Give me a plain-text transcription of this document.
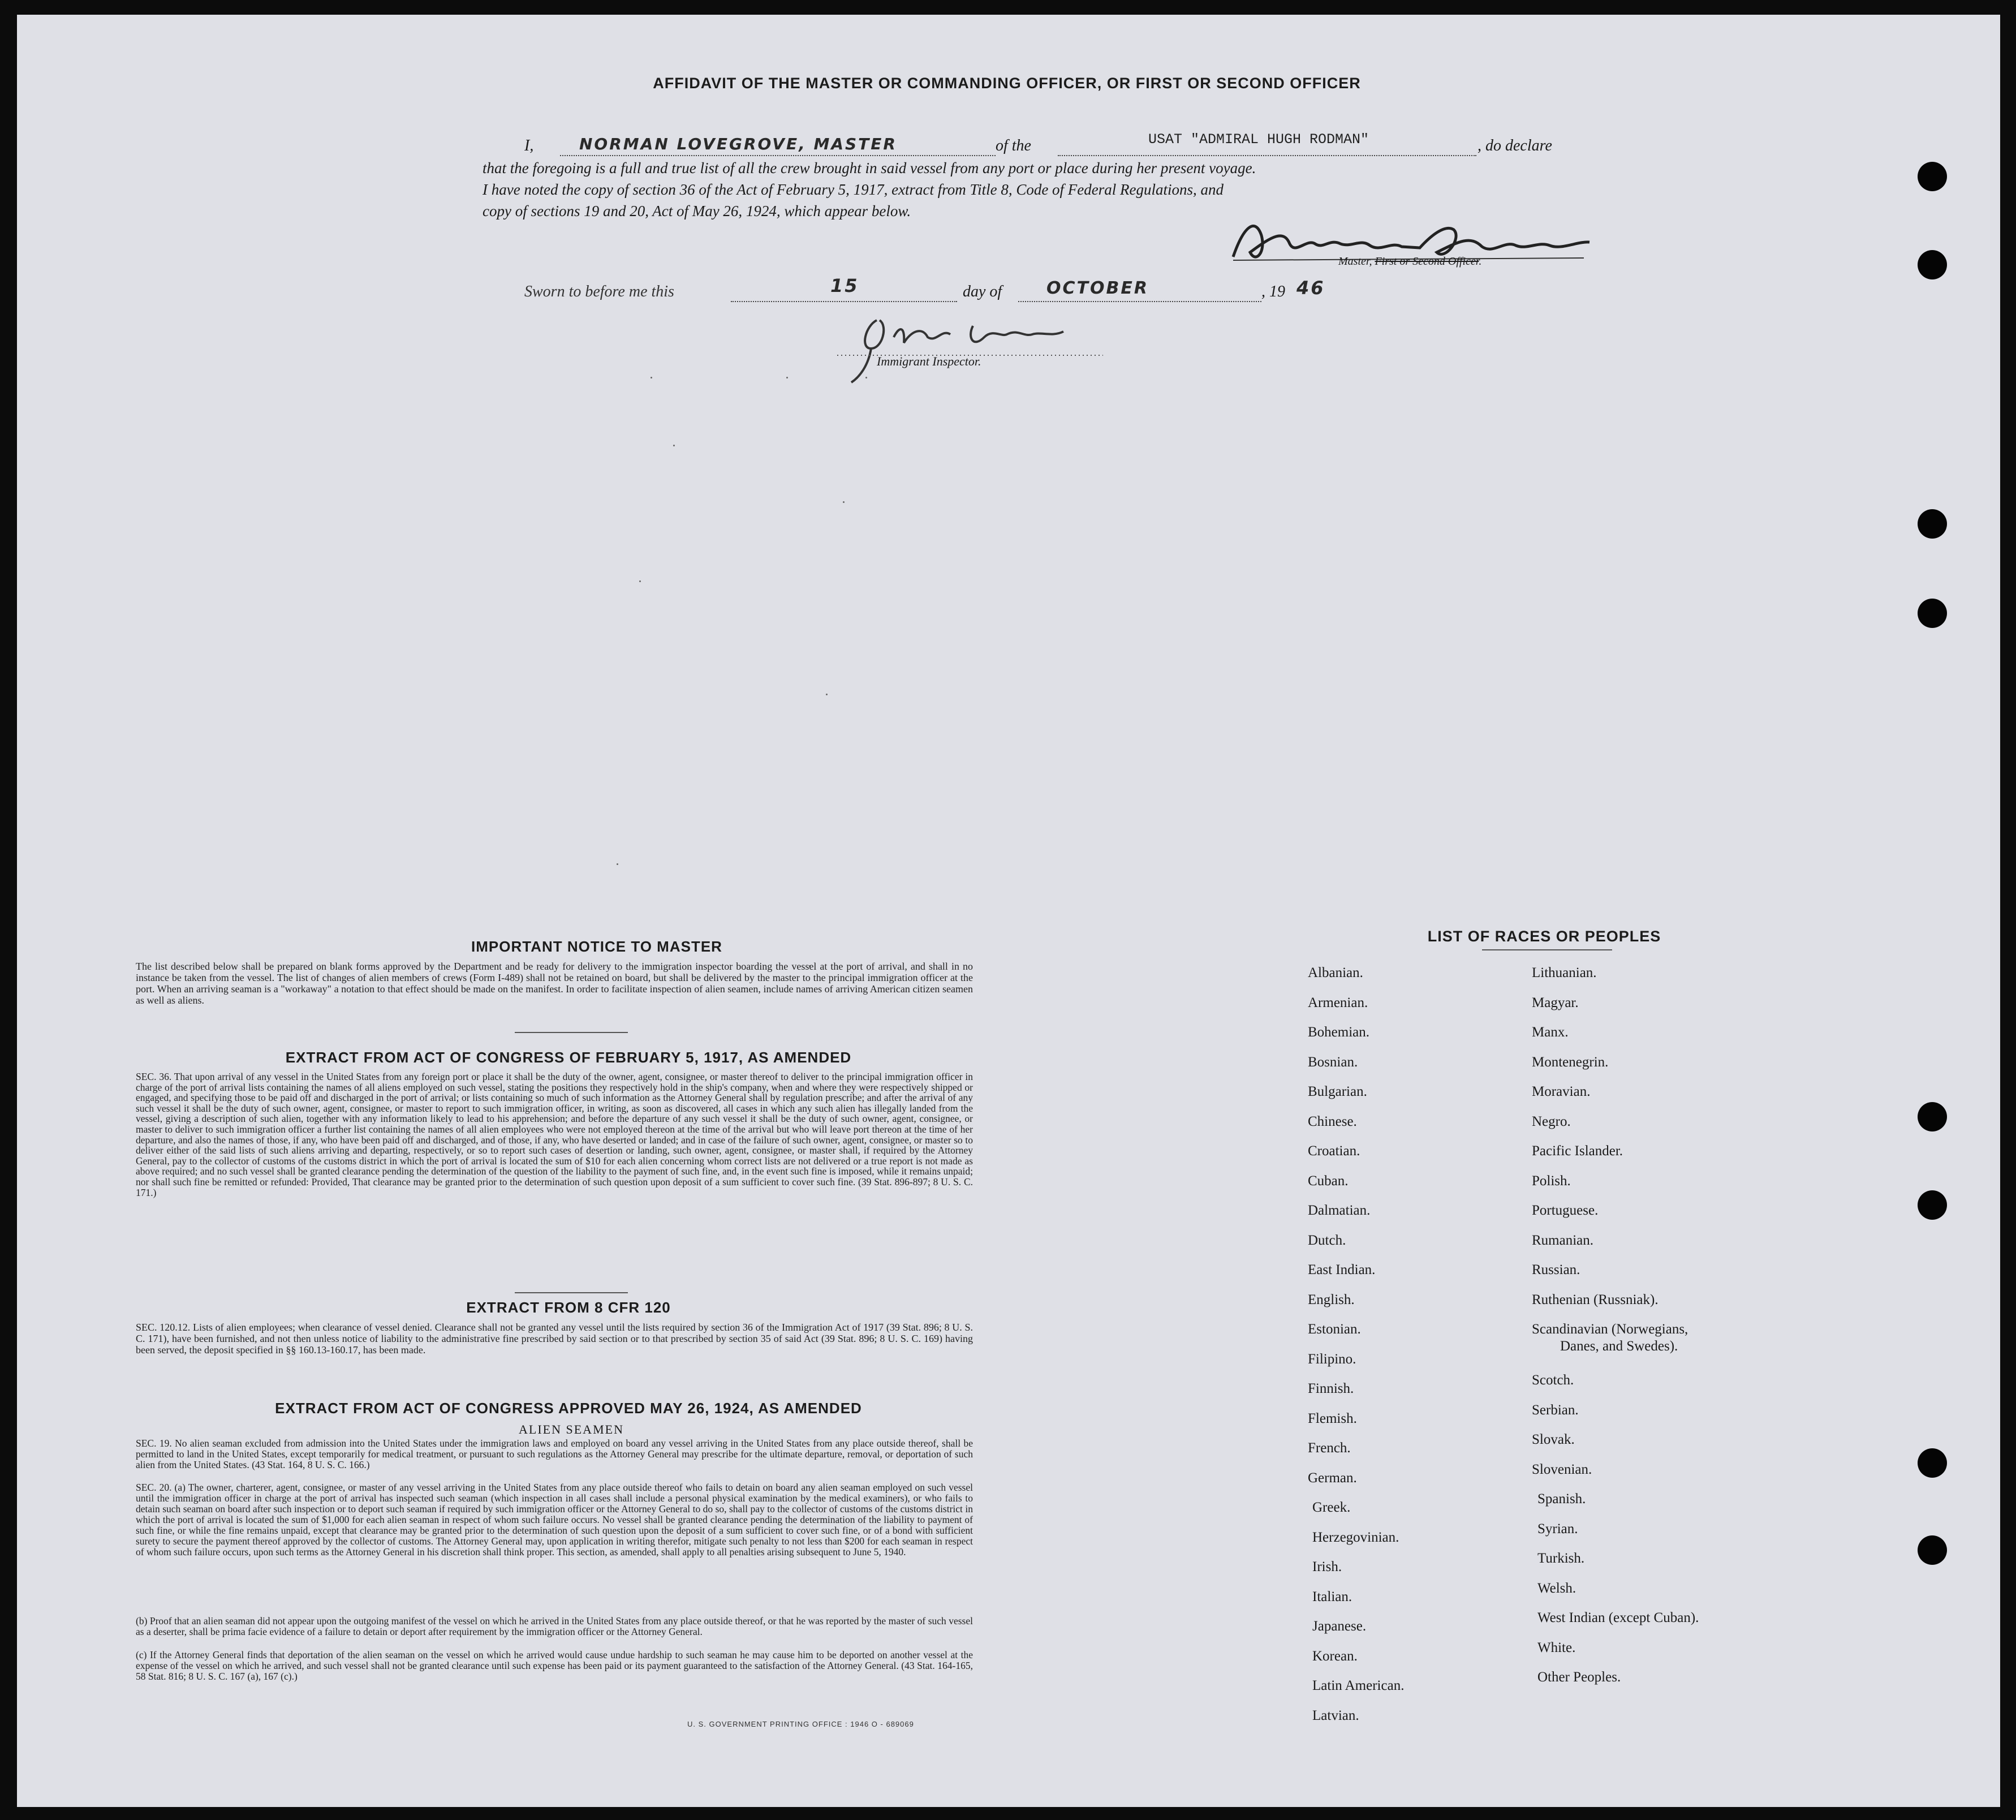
AFFIDAVIT OF THE MASTER OR COMMANDING OFFICER, OR FIRST OR SECOND OFFICER
I,	NORMAN LOVEGROVE, MASTER	of the	USAT "ADMIRAL HUGH RODMAN"	, do declare
that the foregoing is a full and true list of all the crew brought in said vessel from any port or place during her present voyage.
I have noted the copy of section 36 of the Act of February 5, 1917, extract from Title 8, Code of Federal Regulations, and
copy of sections 19 and 20, Act of May 26, 1924, which appear below.
Master, First or Second Officer.
Sworn to before me this	15	day of	OCTOBER	, 19 46
Immigrant Inspector.
IMPORTANT NOTICE TO MASTER
The list described below shall be prepared on blank forms approved by the Department and be ready for delivery to the immigration inspector boarding the vessel at the port of arrival, and shall in no instance be taken from the vessel. The list of changes of alien members of crews (Form I-489) shall not be retained on board, but shall be delivered by the master to the principal immigration officer at the port. When an arriving seaman is a "workaway" a notation to that effect should be made on the manifest. In order to facilitate inspection of alien seamen, include names of arriving American citizen seamen as well as aliens.
EXTRACT FROM ACT OF CONGRESS OF FEBRUARY 5, 1917, AS AMENDED
SEC. 36. That upon arrival of any vessel in the United States from any foreign port or place it shall be the duty of the owner, agent, consignee, or master thereof to deliver to the principal immigration officer in charge of the port of arrival lists containing the names of all aliens employed on such vessel, stating the positions they respectively hold in the ship's company, when and where they were respectively shipped or engaged, and specifying those to be paid off and discharged in the port of arrival; or lists containing so much of such information as the Attorney General shall by regulation prescribe; and after the arrival of any such vessel it shall be the duty of such owner, agent, consignee, or master to report to such immigration officer, in writing, as soon as discovered, all cases in which any such alien has illegally landed from the vessel, giving a description of such alien, together with any information likely to lead to his apprehension; and before the departure of any such vessel it shall be the duty of such owner, agent, consignee, or master to deliver to such immigration officer a further list containing the names of all alien employees who were not employed thereon at the time of the arrival but who will leave port thereon at the time of her departure, and also the names of those, if any, who have been paid off and discharged, and of those, if any, who have deserted or landed; and in case of the failure of such owner, agent, consignee, or master so to deliver either of the said lists of such aliens arriving and departing, respectively, or so to report such cases of desertion or landing, such owner, agent, consignee, or master shall, if required by the Attorney General, pay to the collector of customs of the customs district in which the port of arrival is located the sum of $10 for each alien concerning whom correct lists are not delivered or a true report is not made as above required; and no such vessel shall be granted clearance pending the determination of the question of the liability to the payment of such fine, and, in the event such fine is imposed, while it remains unpaid; nor shall such fine be remitted or refunded: Provided, That clearance may be granted prior to the determination of such question upon deposit of a sum sufficient to cover such fine. (39 Stat. 896-897; 8 U. S. C. 171.)
EXTRACT FROM 8 CFR 120
SEC. 120.12. Lists of alien employees; when clearance of vessel denied. Clearance shall not be granted any vessel until the lists required by section 36 of the Immigration Act of 1917 (39 Stat. 896; 8 U. S. C. 171), have been furnished, and not then unless notice of liability to the administrative fine prescribed by said section or to that prescribed by section 35 of said Act (39 Stat. 896; 8 U. S. C. 169) having been served, the deposit specified in §§ 160.13-160.17, has been made.
EXTRACT FROM ACT OF CONGRESS APPROVED MAY 26, 1924, AS AMENDED
ALIEN SEAMEN
SEC. 19. No alien seaman excluded from admission into the United States under the immigration laws and employed on board any vessel arriving in the United States from any place outside thereof, shall be permitted to land in the United States, except temporarily for medical treatment, or pursuant to such regulations as the Attorney General may prescribe for the ultimate departure, removal, or deportation of such alien from the United States. (43 Stat. 164, 8 U. S. C. 166.)
SEC. 20. (a) The owner, charterer, agent, consignee, or master of any vessel arriving in the United States from any place outside thereof who fails to detain on board any alien seaman employed on such vessel until the immigration officer in charge at the port of arrival has inspected such seaman (which inspection in all cases shall include a personal physical examination by the medical examiners), or who fails to detain such seaman on board after such inspection or to deport such seaman if required by such immigration officer or the Attorney General to do so, shall pay to the collector of customs of the customs district in which the port of arrival is located the sum of $1,000 for each alien seaman in respect of whom such failure occurs. No vessel shall be granted clearance pending the determination of the liability to payment of such fine, or while the fine remains unpaid, except that clearance may be granted prior to the determination of such question upon the deposit of a sum sufficient to cover such fine, or of a bond with sufficient surety to secure the payment thereof approved by the collector of customs. The Attorney General may, upon application in writing therefor, mitigate such penalty to not less than $200 for each seaman in respect of whom such failure occurs, upon such terms as the Attorney General in his discretion shall think proper. This section, as amended, shall apply to all penalties arising subsequent to June 5, 1940.
(b) Proof that an alien seaman did not appear upon the outgoing manifest of the vessel on which he arrived in the United States from any place outside thereof, or that he was reported by the master of such vessel as a deserter, shall be prima facie evidence of a failure to detain or deport after requirement by the immigration officer or the Attorney General.
(c) If the Attorney General finds that deportation of the alien seaman on the vessel on which he arrived would cause undue hardship to such seaman he may cause him to be deported on another vessel at the expense of the vessel on which he arrived, and such vessel shall not be granted clearance until such expense has been paid or its payment guaranteed to the satisfaction of the Attorney General. (43 Stat. 164-165, 58 Stat. 816; 8 U. S. C. 167 (a), 167 (c).)
U. S. GOVERNMENT PRINTING OFFICE : 1946 O - 689069
LIST OF RACES OR PEOPLES
Albanian.
Armenian.
Bohemian.
Bosnian.
Bulgarian.
Chinese.
Croatian.
Cuban.
Dalmatian.
Dutch.
East Indian.
English.
Estonian.
Filipino.
Finnish.
Flemish.
French.
German.
Greek.
Herzegovinian.
Irish.
Italian.
Japanese.
Korean.
Latin American.
Latvian.
Lithuanian.
Magyar.
Manx.
Montenegrin.
Moravian.
Negro.
Pacific Islander.
Polish.
Portuguese.
Rumanian.
Russian.
Ruthenian (Russniak).
Scandinavian (Norwegians,
Danes, and Swedes).
Scotch.
Serbian.
Slovak.
Slovenian.
Spanish.
Syrian.
Turkish.
Welsh.
West Indian (except Cuban).
White.
Other Peoples.
